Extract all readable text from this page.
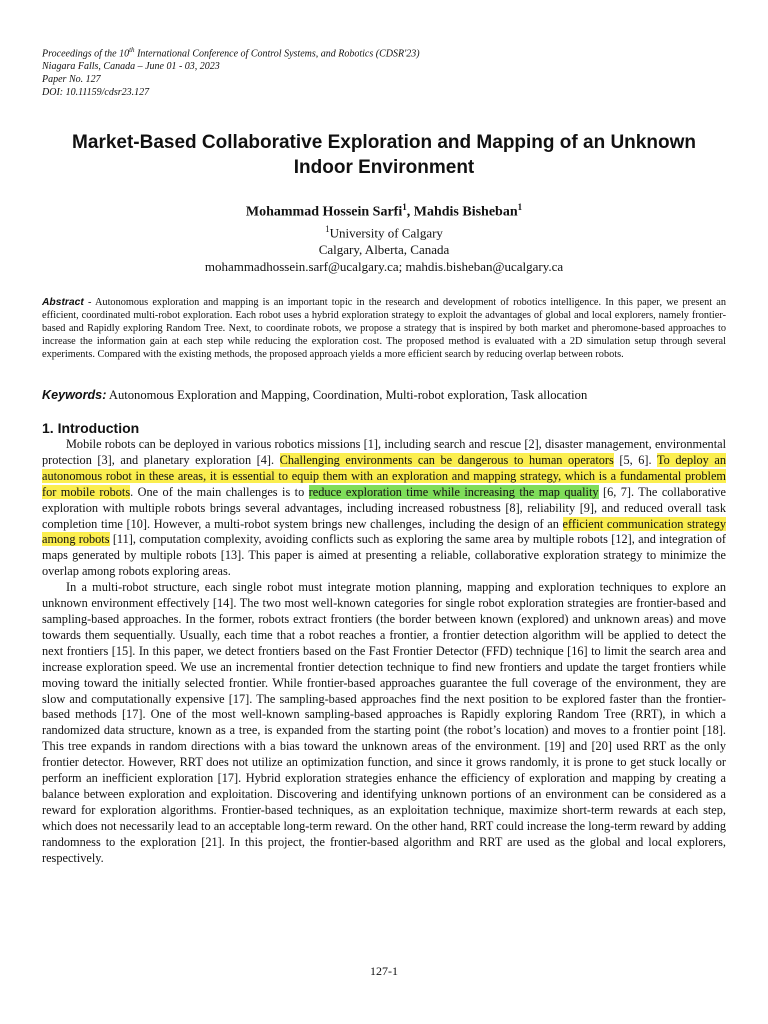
Proceedings of the 10th International Conference of Control Systems, and Robotics (CDSR'23)
Niagara Falls, Canada – June 01 - 03, 2023
Paper No. 127
DOI: 10.11159/cdsr23.127
Market-Based Collaborative Exploration and Mapping of an Unknown Indoor Environment
Mohammad Hossein Sarfi$^1$, Mahdis Bisheban$^1$
$^1$University of Calgary
Calgary, Alberta, Canada
mohammadhossein.sarf@ucalgary.ca; mahdis.bisheban@ucalgary.ca
Abstract - Autonomous exploration and mapping is an important topic in the research and development of robotics intelligence. In this paper, we present an efficient, coordinated multi-robot exploration. Each robot uses a hybrid exploration strategy to exploit the advantages of global and local explorers, namely frontier-based and Rapidly exploring Random Tree. Next, to coordinate robots, we propose a strategy that is inspired by both market and pheromone-based approaches to increase the information gain at each step while reducing the exploration cost. The proposed method is evaluated with a 2D simulation setup through several experiments. Compared with the existing methods, the proposed approach yields a more efficient search by reducing overlap between robots.
Keywords: Autonomous Exploration and Mapping, Coordination, Multi-robot exploration, Task allocation
1. Introduction

Mobile robots can be deployed in various robotics missions [1], including search and rescue [2], disaster management, environmental protection [3], and planetary exploration [4]. Challenging environments can be dangerous to human operators [5, 6]. To deploy an autonomous robot in these areas, it is essential to equip them with an exploration and mapping strategy, which is a fundamental problem for mobile robots. One of the main challenges is to reduce exploration time while increasing the map quality [6, 7]. The collaborative exploration with multiple robots brings several advantages, including increased robustness [8], reliability [9], and reduced overall task completion time [10]. However, a multi-robot system brings new challenges, including the design of an efficient communication strategy among robots [11], computation complexity, avoiding conflicts such as exploring the same area by multiple robots [12], and integration of maps generated by multiple robots [13]. This paper is aimed at presenting a reliable, collaborative exploration strategy to minimize the overlap among robots exploring areas.

In a multi-robot structure, each single robot must integrate motion planning, mapping and exploration techniques to explore an unknown environment effectively [14]. The two most well-known categories for single robot exploration strategies are frontier-based and sampling-based approaches. In the former, robots extract frontiers (the border between known (explored) and unknown areas) and move towards them sequentially. Usually, each time that a robot reaches a frontier, a frontier detection algorithm will be applied to detect the next frontiers [15]. In this paper, we detect frontiers based on the Fast Frontier Detector (FFD) technique [16] to limit the search area and increase exploration speed. We use an incremental frontier detection technique to find new frontiers and update the target frontiers while moving toward the initially selected frontier. While frontier-based approaches guarantee the full coverage of the environment, they are slow and computationally expensive [17]. The sampling-based approaches find the next position to be explored faster than the frontier-based methods [17]. One of the most well-known sampling-based approaches is Rapidly exploring Random Tree (RRT), in which a randomized data structure, known as a tree, is expanded from the starting point (the robot’s location) and moves to a frontier point [18]. This tree expands in random directions with a bias toward the unknown areas of the environment. [19] and [20] used RRT as the only frontier detector. However, RRT does not utilize an optimization function, and since it grows randomly, it is prone to get stuck locally or perform an inefficient exploration [17]. Hybrid exploration strategies enhance the efficiency of exploration and mapping by creating a balance between exploration and exploitation. Discovering and identifying unknown portions of an environment can be considered as a reward for exploration algorithms. Frontier-based techniques, as an exploitation technique, maximize short-term rewards at each step, which does not necessarily lead to an acceptable long-term reward. On the other hand, RRT could increase the long-term reward by adding randomness to the exploration [21]. In this project, the frontier-based algorithm and RRT are used as the global and local explorers, respectively.

127-1
